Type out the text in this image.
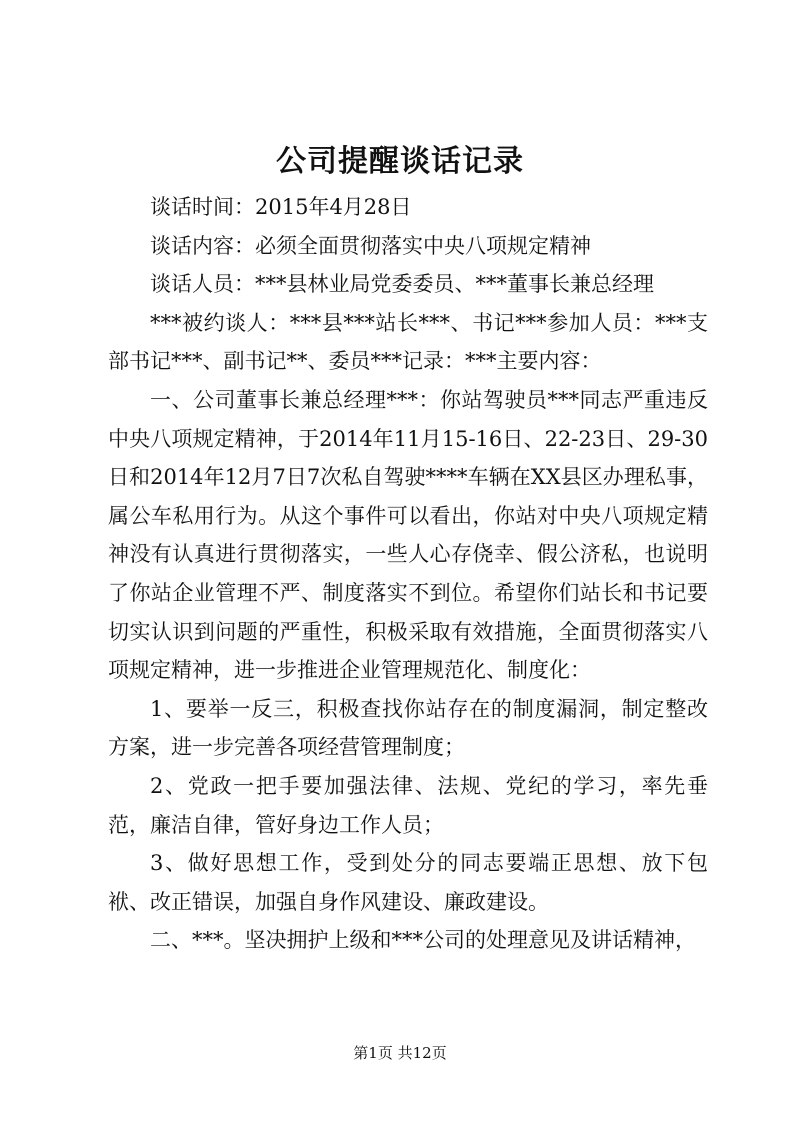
公司提醒谈话记录

谈话时间：2015年4月28日

谈话内容：必须全面贯彻落实中央八项规定精神

谈话人员：***县林业局党委委员、***董事长兼总经理

***被约谈人：***县***站长***、书记***参加人员：***支部书记***、副书记**、委员***记录：***主要内容：

一、公司董事长兼总经理***：你站驾驶员***同志严重违反中央八项规定精神，于2014年11月15-16日、22-23日、29-30日和2014年12月7日7次私自驾驶****车辆在XX县区办理私事，属公车私用行为。从这个事件可以看出，你站对中央八项规定精神没有认真进行贯彻落实，一些人心存侥幸、假公济私，也说明了你站企业管理不严、制度落实不到位。希望你们站长和书记要切实认识到问题的严重性，积极采取有效措施，全面贯彻落实八项规定精神，进一步推进企业管理规范化、制度化：

1、要举一反三，积极查找你站存在的制度漏洞，制定整改方案，进一步完善各项经营管理制度；

2、党政一把手要加强法律、法规、党纪的学习，率先垂范，廉洁自律，管好身边工作人员；

3、做好思想工作，受到处分的同志要端正思想、放下包袱、改正错误，加强自身作风建设、廉政建设。

二、***。坚决拥护上级和***公司的处理意见及讲话精神，

第1页 共12页
